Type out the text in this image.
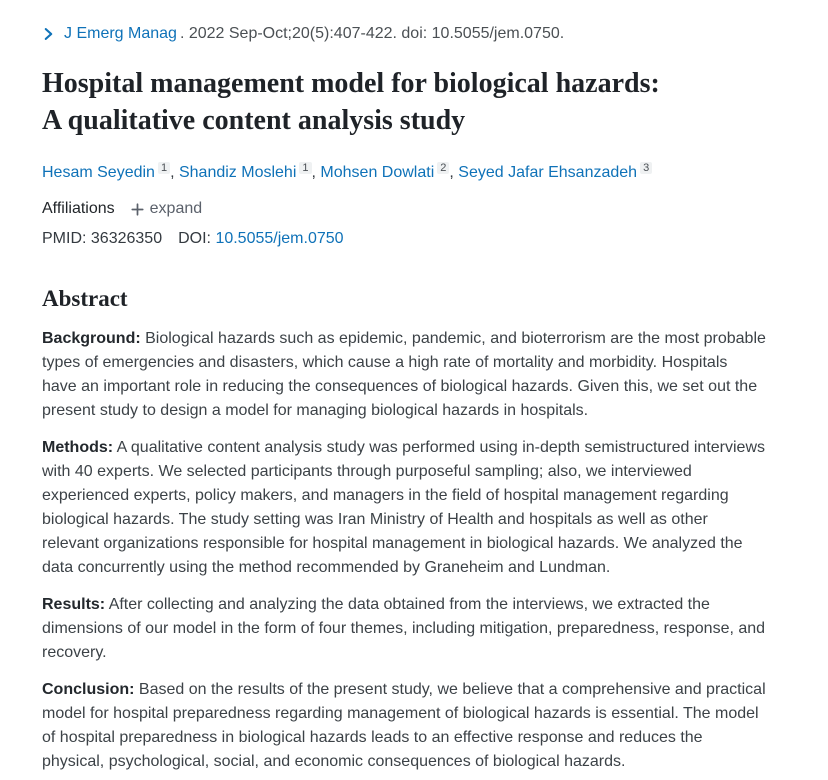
J Emerg Manag . 2022 Sep-Oct;20(5):407-422. doi: 10.5055/jem.0750.
Hospital management model for biological hazards:
A qualitative content analysis study
Hesam Seyedin $^1$ , Shandiz Moslehi $^1$ , Mohsen Dowlati $^2$ , Seyed Jafar Ehsanzadeh $^3$
Affiliations expand
PMID: 36326350 DOI: 10.5055/jem.0750
Abstract

Background: Biological hazards such as epidemic, pandemic, and bioterrorism are the most probable types of emergencies and disasters, which cause a high rate of mortality and morbidity. Hospitals have an important role in reducing the consequences of biological hazards. Given this, we set out the present study to design a model for managing biological hazards in hospitals.

Methods: A qualitative content analysis study was performed using in-depth semistructured interviews with 40 experts. We selected participants through purposeful sampling; also, we interviewed experienced experts, policy makers, and managers in the field of hospital management regarding biological hazards. The study setting was Iran Ministry of Health and hospitals as well as other relevant organizations responsible for hospital management in biological hazards. We analyzed the data concurrently using the method recommended by Graneheim and Lundman.

Results: After collecting and analyzing the data obtained from the interviews, we extracted the dimensions of our model in the form of four themes, including mitigation, preparedness, response, and recovery.

Conclusion: Based on the results of the present study, we believe that a comprehensive and practical model for hospital preparedness regarding management of biological hazards is essential. The model of hospital preparedness in biological hazards leads to an effective response and reduces the physical, psychological, social, and economic consequences of biological hazards.
